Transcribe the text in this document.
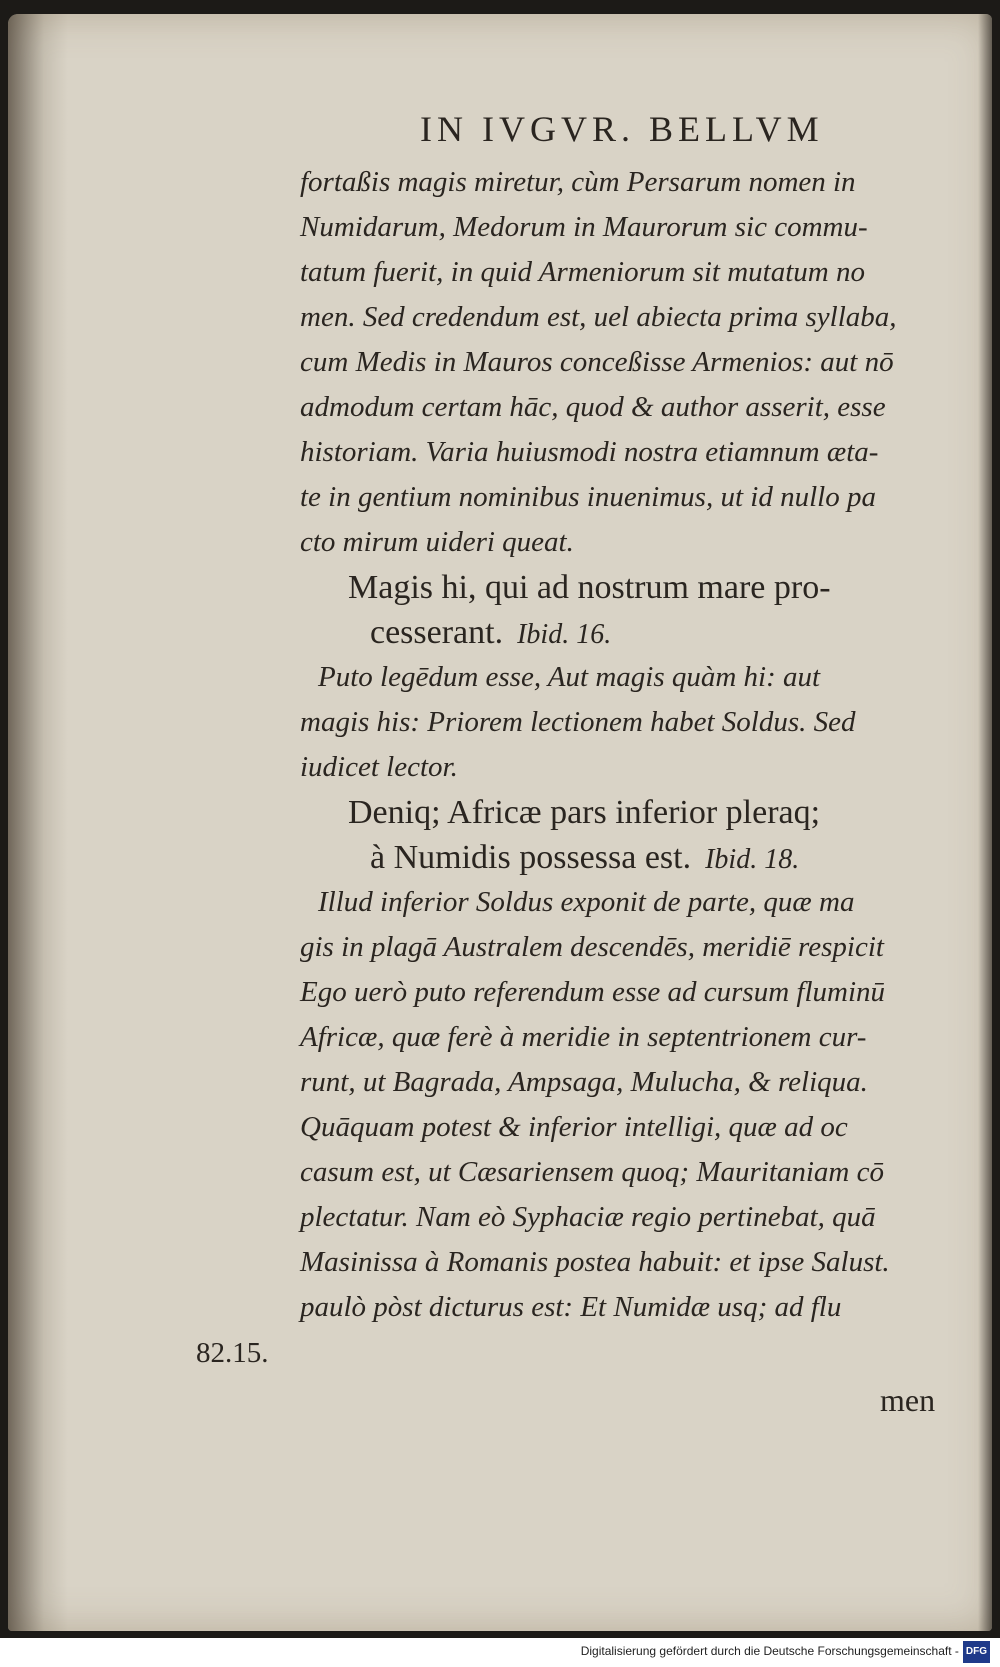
IN IVGVR. BELLVM
fortaßis magis miretur, cùm Persarum nomen in
Numidarum, Medorum in Maurorum sic commu-
tatum fuerit, in quid Armeniorum sit mutatum no
men. Sed credendum est, uel abiecta prima syllaba,
cum Medis in Mauros conceßisse Armenios: aut nō
admodum certam hāc, quod & author asserit, esse
historiam. Varia huiusmodi nostra etiamnum æta-
te in gentium nominibus inuenimus, ut id nullo pa
cto mirum uideri queat.
Magis hi, qui ad nostrum mare pro-
cesserant. Ibid. 16.
Puto legēdum esse, Aut magis quàm hi: aut
magis his: Priorem lectionem habet Soldus. Sed
iudicet lector.
Deniq; Africæ pars inferior pleraq;
à Numidis possessa est. Ibid. 18.
Illud inferior Soldus exponit de parte, quæ ma
gis in plagā Australem descendēs, meridiē respicit
Ego uerò puto referendum esse ad cursum fluminū
Africæ, quæ ferè à meridie in septentrionem cur-
runt, ut Bagrada, Ampsaga, Mulucha, & reliqua.
Quāquam potest & inferior intelligi, quæ ad oc
casum est, ut Cæsariensem quoq; Mauritaniam cō
plectatur. Nam eò Syphaciæ regio pertinebat, quā
Masinissa à Romanis postea habuit: et ipse Salust.
paulò pòst dicturus est: Et Numidæ usq; ad flu
82.15.
men
Digitalisierung gefördert durch die Deutsche Forschungsgemeinschaft - DFG
